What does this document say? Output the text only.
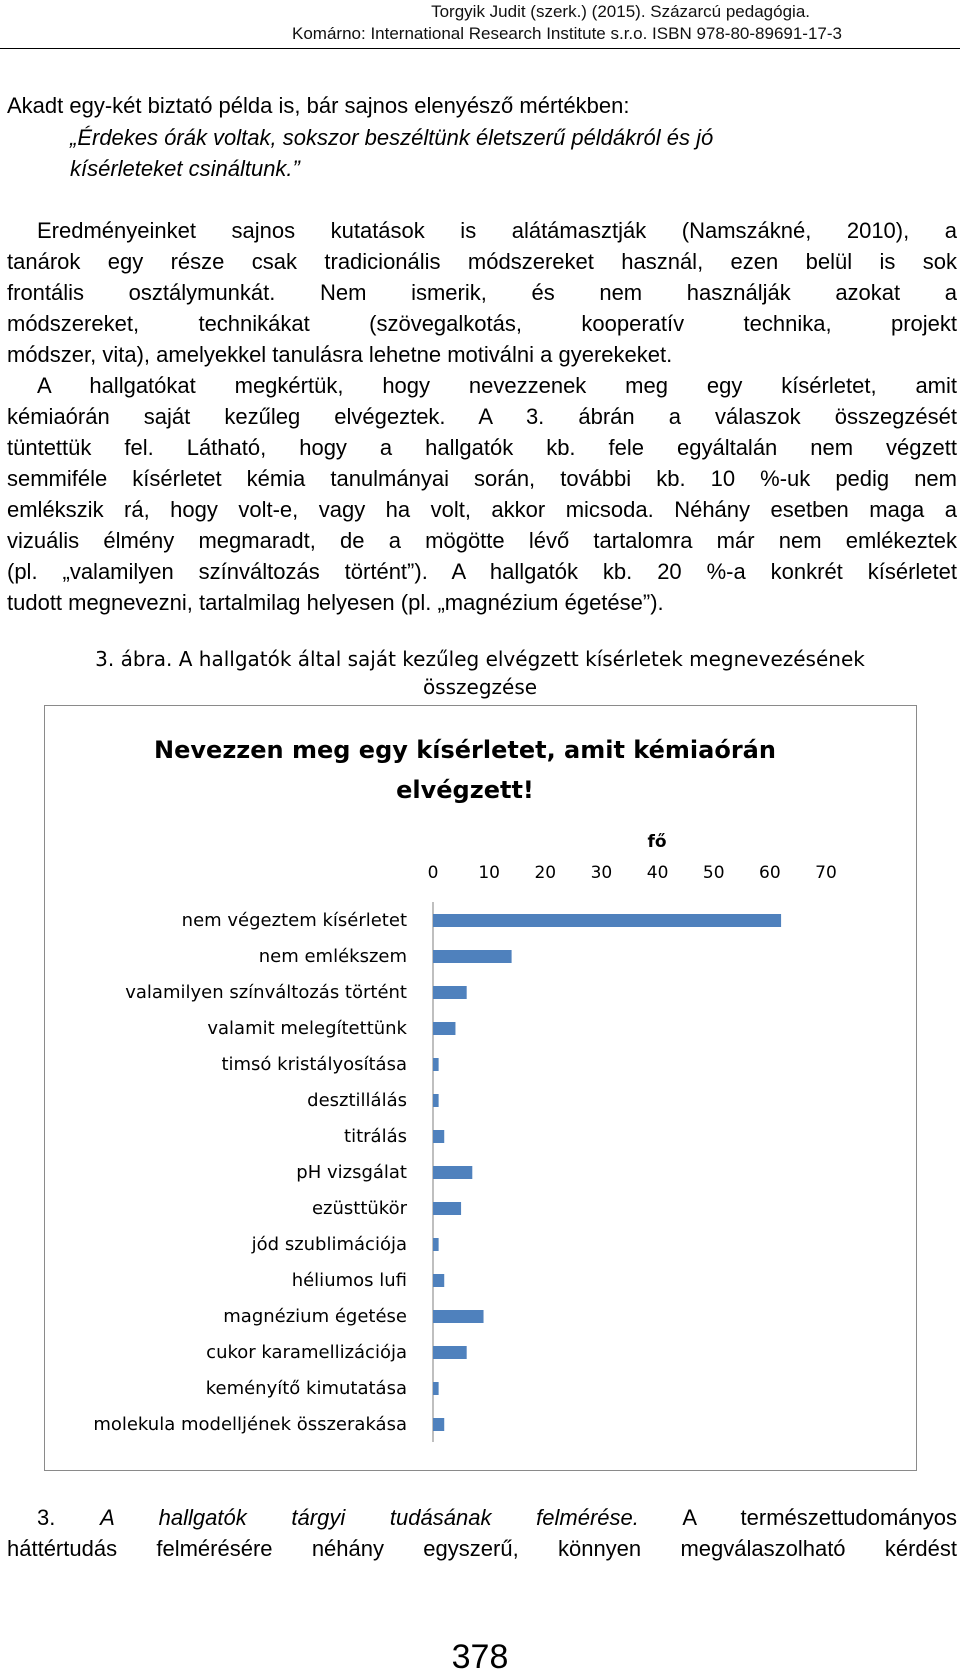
Torgyik Judit (szerk.) (2015). Százarcú pedagógia.
Komárno: International Research Institute s.r.o. ISBN 978-80-89691-17-3

Akadt egy-két biztató példa is, bár sajnos elenyésző mértékben:

„Érdekes órák voltak, sokszor beszéltünk életszerű példákról és jó
kísérleteket csináltunk.”

Eredményeinket sajnos kutatások is alátámasztják (Namszákné, 2010), a
tanárok egy része csak tradicionális módszereket használ, ezen belül is sok
frontális osztálymunkát. Nem ismerik, és nem használják azokat a
módszereket, technikákat (szövegalkotás, kooperatív technika, projekt
módszer, vita), amelyekkel tanulásra lehetne motiválni a gyerekeket.
A hallgatókat megkértük, hogy nevezzenek meg egy kísérletet, amit
kémiaórán saját kezűleg elvégeztek. A 3. ábrán a válaszok összegzését
tüntettük fel. Látható, hogy a hallgatók kb. fele egyáltalán nem végzett
semmiféle kísérletet kémia tanulmányai során, további kb. 10 %-uk pedig nem
emlékszik rá, hogy volt-e, vagy ha volt, akkor micsoda. Néhány esetben maga a
vizuális élmény megmaradt, de a mögötte lévő tartalomra már nem emlékeztek
(pl. „valamilyen színváltozás történt”). A hallgatók kb. 20 %-a konkrét kísérletet
tudott megnevezni, tartalmilag helyesen (pl. „magnézium égetése”).
3. ábra. A hallgatók által saját kezűleg elvégzett kísérletek megnevezésének
összegzése
Nevezzen meg egy kísérletet, amit kémiaórán
elvégzett!
fő
0 10 20 30 40 50 60 70
nem végeztem kísérletet
nem emlékszem
valamilyen színváltozás történt
valamit melegítettünk
timsó kristályosítása
desztillálás
titrálás
pH vizsgálat
ezüsttükör
jód szublimációja
héliumos lufi
magnézium égetése
cukor karamellizációja
keményítő kimutatása
molekula modelljének összerakása
3. A hallgatók tárgyi tudásának felmérése. A természettudományos
háttértudás felmérésére néhány egyszerű, könnyen megválaszolható kérdést
378
